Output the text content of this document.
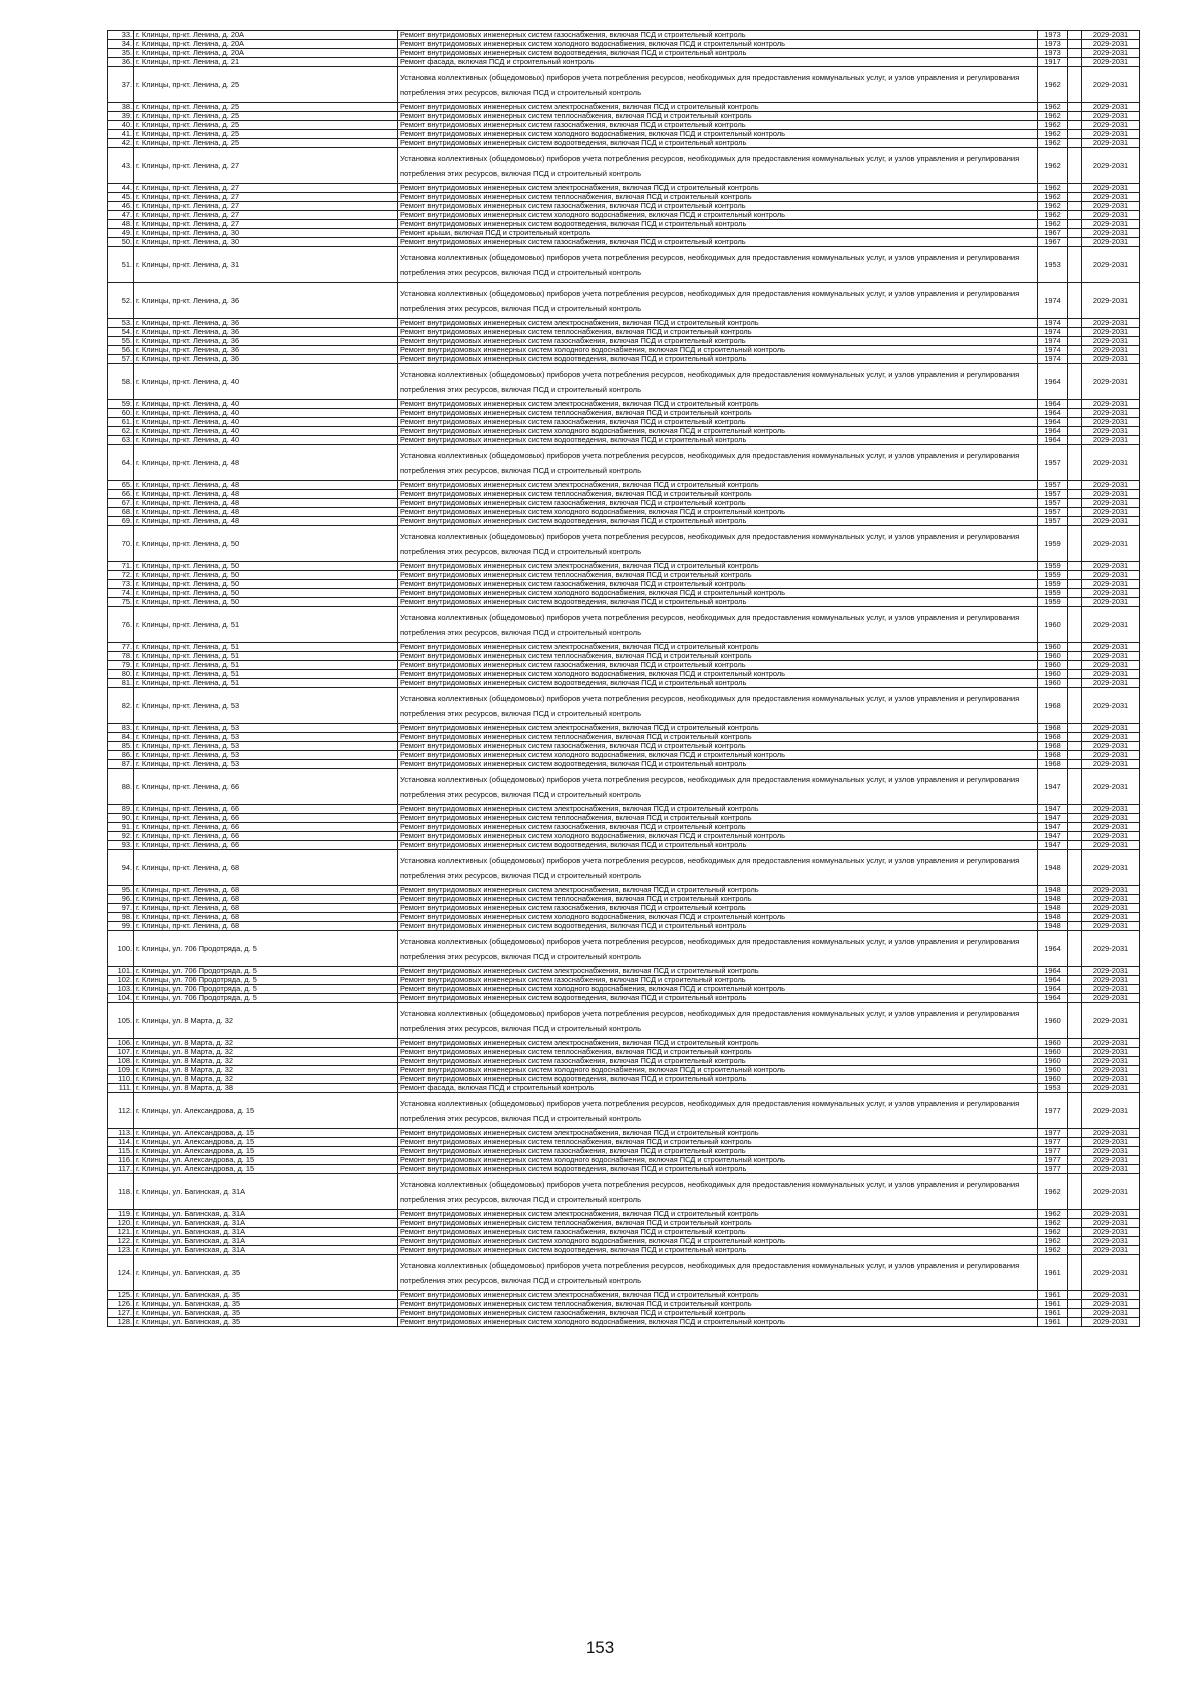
33.	г. Клинцы, пр-кт. Ленина, д. 20А	Ремонт внутридомовых инженерных систем газоснабжения, включая ПСД и строительный контроль	1973		2029-2031
34.	г. Клинцы, пр-кт. Ленина, д. 20А	Ремонт внутридомовых инженерных систем холодного водоснабжения, включая ПСД и строительный контроль	1973		2029-2031
35.	г. Клинцы, пр-кт. Ленина, д. 20А	Ремонт внутридомовых инженерных систем водоотведения, включая ПСД и строительный контроль	1973		2029-2031
36.	г. Клинцы, пр-кт. Ленина, д. 21	Ремонт фасада, включая ПСД и строительный контроль	1917		2029-2031
37.	г. Клинцы, пр-кт. Ленина, д. 25	Установка коллективных (общедомовых) приборов учета потребления ресурсов, необходимых для предоставления коммунальных услуг, и узлов управления и регулирования потребления этих ресурсов, включая ПСД и строительный контроль	1962		2029-2031
38.	г. Клинцы, пр-кт. Ленина, д. 25	Ремонт внутридомовых инженерных систем электроснабжения, включая ПСД и строительный контроль	1962		2029-2031
39.	г. Клинцы, пр-кт. Ленина, д. 25	Ремонт внутридомовых инженерных систем теплоснабжения, включая ПСД и строительный контроль	1962		2029-2031
40.	г. Клинцы, пр-кт. Ленина, д. 25	Ремонт внутридомовых инженерных систем газоснабжения, включая ПСД и строительный контроль	1962		2029-2031
41.	г. Клинцы, пр-кт. Ленина, д. 25	Ремонт внутридомовых инженерных систем холодного водоснабжения, включая ПСД и строительный контроль	1962		2029-2031
42.	г. Клинцы, пр-кт. Ленина, д. 25	Ремонт внутридомовых инженерных систем водоотведения, включая ПСД и строительный контроль	1962		2029-2031
43.	г. Клинцы, пр-кт. Ленина, д. 27	Установка коллективных (общедомовых) приборов учета потребления ресурсов, необходимых для предоставления коммунальных услуг, и узлов управления и регулирования потребления этих ресурсов, включая ПСД и строительный контроль	1962		2029-2031
44.	г. Клинцы, пр-кт. Ленина, д. 27	Ремонт внутридомовых инженерных систем электроснабжения, включая ПСД и строительный контроль	1962		2029-2031
45.	г. Клинцы, пр-кт. Ленина, д. 27	Ремонт внутридомовых инженерных систем теплоснабжения, включая ПСД и строительный контроль	1962		2029-2031
46.	г. Клинцы, пр-кт. Ленина, д. 27	Ремонт внутридомовых инженерных систем газоснабжения, включая ПСД и строительный контроль	1962		2029-2031
47.	г. Клинцы, пр-кт. Ленина, д. 27	Ремонт внутридомовых инженерных систем холодного водоснабжения, включая ПСД и строительный контроль	1962		2029-2031
48.	г. Клинцы, пр-кт. Ленина, д. 27	Ремонт внутридомовых инженерных систем водоотведения, включая ПСД и строительный контроль	1962		2029-2031
49.	г. Клинцы, пр-кт. Ленина, д. 30	Ремонт крыши, включая ПСД и строительный контроль	1967		2029-2031
50.	г. Клинцы, пр-кт. Ленина, д. 30	Ремонт внутридомовых инженерных систем газоснабжения, включая ПСД и строительный контроль	1967		2029-2031
51.	г. Клинцы, пр-кт. Ленина, д. 31	Установка коллективных (общедомовых) приборов учета потребления ресурсов, необходимых для предоставления коммунальных услуг, и узлов управления и регулирования потребления этих ресурсов, включая ПСД и строительный контроль	1953		2029-2031
52.	г. Клинцы, пр-кт. Ленина, д. 36	Установка коллективных (общедомовых) приборов учета потребления ресурсов, необходимых для предоставления коммунальных услуг, и узлов управления и регулирования потребления этих ресурсов, включая ПСД и строительный контроль	1974		2029-2031
53.	г. Клинцы, пр-кт. Ленина, д. 36	Ремонт внутридомовых инженерных систем электроснабжения, включая ПСД и строительный контроль	1974		2029-2031
54.	г. Клинцы, пр-кт. Ленина, д. 36	Ремонт внутридомовых инженерных систем теплоснабжения, включая ПСД и строительный контроль	1974		2029-2031
55.	г. Клинцы, пр-кт. Ленина, д. 36	Ремонт внутридомовых инженерных систем газоснабжения, включая ПСД и строительный контроль	1974		2029-2031
56.	г. Клинцы, пр-кт. Ленина, д. 36	Ремонт внутридомовых инженерных систем холодного водоснабжения, включая ПСД и строительный контроль	1974		2029-2031
57.	г. Клинцы, пр-кт. Ленина, д. 36	Ремонт внутридомовых инженерных систем водоотведения, включая ПСД и строительный контроль	1974		2029-2031
58.	г. Клинцы, пр-кт. Ленина, д. 40	Установка коллективных (общедомовых) приборов учета потребления ресурсов, необходимых для предоставления коммунальных услуг, и узлов управления и регулирования потребления этих ресурсов, включая ПСД и строительный контроль	1964		2029-2031
59.	г. Клинцы, пр-кт. Ленина, д. 40	Ремонт внутридомовых инженерных систем электроснабжения, включая ПСД и строительный контроль	1964		2029-2031
60.	г. Клинцы, пр-кт. Ленина, д. 40	Ремонт внутридомовых инженерных систем теплоснабжения, включая ПСД и строительный контроль	1964		2029-2031
61.	г. Клинцы, пр-кт. Ленина, д. 40	Ремонт внутридомовых инженерных систем газоснабжения, включая ПСД и строительный контроль	1964		2029-2031
62.	г. Клинцы, пр-кт. Ленина, д. 40	Ремонт внутридомовых инженерных систем холодного водоснабжения, включая ПСД и строительный контроль	1964		2029-2031
63.	г. Клинцы, пр-кт. Ленина, д. 40	Ремонт внутридомовых инженерных систем водоотведения, включая ПСД и строительный контроль	1964		2029-2031
64.	г. Клинцы, пр-кт. Ленина, д. 48	Установка коллективных (общедомовых) приборов учета потребления ресурсов, необходимых для предоставления коммунальных услуг, и узлов управления и регулирования потребления этих ресурсов, включая ПСД и строительный контроль	1957		2029-2031
65.	г. Клинцы, пр-кт. Ленина, д. 48	Ремонт внутридомовых инженерных систем электроснабжения, включая ПСД и строительный контроль	1957		2029-2031
66.	г. Клинцы, пр-кт. Ленина, д. 48	Ремонт внутридомовых инженерных систем теплоснабжения, включая ПСД и строительный контроль	1957		2029-2031
67.	г. Клинцы, пр-кт. Ленина, д. 48	Ремонт внутридомовых инженерных систем газоснабжения, включая ПСД и строительный контроль	1957		2029-2031
68.	г. Клинцы, пр-кт. Ленина, д. 48	Ремонт внутридомовых инженерных систем холодного водоснабжения, включая ПСД и строительный контроль	1957		2029-2031
69.	г. Клинцы, пр-кт. Ленина, д. 48	Ремонт внутридомовых инженерных систем водоотведения, включая ПСД и строительный контроль	1957		2029-2031
70.	г. Клинцы, пр-кт. Ленина, д. 50	Установка коллективных (общедомовых) приборов учета потребления ресурсов, необходимых для предоставления коммунальных услуг, и узлов управления и регулирования потребления этих ресурсов, включая ПСД и строительный контроль	1959		2029-2031
71.	г. Клинцы, пр-кт. Ленина, д. 50	Ремонт внутридомовых инженерных систем электроснабжения, включая ПСД и строительный контроль	1959		2029-2031
72.	г. Клинцы, пр-кт. Ленина, д. 50	Ремонт внутридомовых инженерных систем теплоснабжения, включая ПСД и строительный контроль	1959		2029-2031
73.	г. Клинцы, пр-кт. Ленина, д. 50	Ремонт внутридомовых инженерных систем газоснабжения, включая ПСД и строительный контроль	1959		2029-2031
74.	г. Клинцы, пр-кт. Ленина, д. 50	Ремонт внутридомовых инженерных систем холодного водоснабжения, включая ПСД и строительный контроль	1959		2029-2031
75.	г. Клинцы, пр-кт. Ленина, д. 50	Ремонт внутридомовых инженерных систем водоотведения, включая ПСД и строительный контроль	1959		2029-2031
76.	г. Клинцы, пр-кт. Ленина, д. 51	Установка коллективных (общедомовых) приборов учета потребления ресурсов, необходимых для предоставления коммунальных услуг, и узлов управления и регулирования потребления этих ресурсов, включая ПСД и строительный контроль	1960		2029-2031
77.	г. Клинцы, пр-кт. Ленина, д. 51	Ремонт внутридомовых инженерных систем электроснабжения, включая ПСД и строительный контроль	1960		2029-2031
78.	г. Клинцы, пр-кт. Ленина, д. 51	Ремонт внутридомовых инженерных систем теплоснабжения, включая ПСД и строительный контроль	1960		2029-2031
79.	г. Клинцы, пр-кт. Ленина, д. 51	Ремонт внутридомовых инженерных систем газоснабжения, включая ПСД и строительный контроль	1960		2029-2031
80.	г. Клинцы, пр-кт. Ленина, д. 51	Ремонт внутридомовых инженерных систем холодного водоснабжения, включая ПСД и строительный контроль	1960		2029-2031
81.	г. Клинцы, пр-кт. Ленина, д. 51	Ремонт внутридомовых инженерных систем водоотведения, включая ПСД и строительный контроль	1960		2029-2031
82.	г. Клинцы, пр-кт. Ленина, д. 53	Установка коллективных (общедомовых) приборов учета потребления ресурсов, необходимых для предоставления коммунальных услуг, и узлов управления и регулирования потребления этих ресурсов, включая ПСД и строительный контроль	1968		2029-2031
83.	г. Клинцы, пр-кт. Ленина, д. 53	Ремонт внутридомовых инженерных систем электроснабжения, включая ПСД и строительный контроль	1968		2029-2031
84.	г. Клинцы, пр-кт. Ленина, д. 53	Ремонт внутридомовых инженерных систем теплоснабжения, включая ПСД и строительный контроль	1968		2029-2031
85.	г. Клинцы, пр-кт. Ленина, д. 53	Ремонт внутридомовых инженерных систем газоснабжения, включая ПСД и строительный контроль	1968		2029-2031
86.	г. Клинцы, пр-кт. Ленина, д. 53	Ремонт внутридомовых инженерных систем холодного водоснабжения, включая ПСД и строительный контроль	1968		2029-2031
87.	г. Клинцы, пр-кт. Ленина, д. 53	Ремонт внутридомовых инженерных систем водоотведения, включая ПСД и строительный контроль	1968		2029-2031
88.	г. Клинцы, пр-кт. Ленина, д. 66	Установка коллективных (общедомовых) приборов учета потребления ресурсов, необходимых для предоставления коммунальных услуг, и узлов управления и регулирования потребления этих ресурсов, включая ПСД и строительный контроль	1947		2029-2031
89.	г. Клинцы, пр-кт. Ленина, д. 66	Ремонт внутридомовых инженерных систем электроснабжения, включая ПСД и строительный контроль	1947		2029-2031
90.	г. Клинцы, пр-кт. Ленина, д. 66	Ремонт внутридомовых инженерных систем теплоснабжения, включая ПСД и строительный контроль	1947		2029-2031
91.	г. Клинцы, пр-кт. Ленина, д. 66	Ремонт внутридомовых инженерных систем газоснабжения, включая ПСД и строительный контроль	1947		2029-2031
92.	г. Клинцы, пр-кт. Ленина, д. 66	Ремонт внутридомовых инженерных систем холодного водоснабжения, включая ПСД и строительный контроль	1947		2029-2031
93.	г. Клинцы, пр-кт. Ленина, д. 66	Ремонт внутридомовых инженерных систем водоотведения, включая ПСД и строительный контроль	1947		2029-2031
94.	г. Клинцы, пр-кт. Ленина, д. 68	Установка коллективных (общедомовых) приборов учета потребления ресурсов, необходимых для предоставления коммунальных услуг, и узлов управления и регулирования потребления этих ресурсов, включая ПСД и строительный контроль	1948		2029-2031
95.	г. Клинцы, пр-кт. Ленина, д. 68	Ремонт внутридомовых инженерных систем электроснабжения, включая ПСД и строительный контроль	1948		2029-2031
96.	г. Клинцы, пр-кт. Ленина, д. 68	Ремонт внутридомовых инженерных систем теплоснабжения, включая ПСД и строительный контроль	1948		2029-2031
97.	г. Клинцы, пр-кт. Ленина, д. 68	Ремонт внутридомовых инженерных систем газоснабжения, включая ПСД и строительный контроль	1948		2029-2031
98.	г. Клинцы, пр-кт. Ленина, д. 68	Ремонт внутридомовых инженерных систем холодного водоснабжения, включая ПСД и строительный контроль	1948		2029-2031
99.	г. Клинцы, пр-кт. Ленина, д. 68	Ремонт внутридомовых инженерных систем водоотведения, включая ПСД и строительный контроль	1948		2029-2031
100.	г. Клинцы, ул. 706 Продотряда, д. 5	Установка коллективных (общедомовых) приборов учета потребления ресурсов, необходимых для предоставления коммунальных услуг, и узлов управления и регулирования потребления этих ресурсов, включая ПСД и строительный контроль	1964		2029-2031
101.	г. Клинцы, ул. 706 Продотряда, д. 5	Ремонт внутридомовых инженерных систем электроснабжения, включая ПСД и строительный контроль	1964		2029-2031
102.	г. Клинцы, ул. 706 Продотряда, д. 5	Ремонт внутридомовых инженерных систем газоснабжения, включая ПСД и строительный контроль	1964		2029-2031
103.	г. Клинцы, ул. 706 Продотряда, д. 5	Ремонт внутридомовых инженерных систем холодного водоснабжения, включая ПСД и строительный контроль	1964		2029-2031
104.	г. Клинцы, ул. 706 Продотряда, д. 5	Ремонт внутридомовых инженерных систем водоотведения, включая ПСД и строительный контроль	1964		2029-2031
105.	г. Клинцы, ул. 8 Марта, д. 32	Установка коллективных (общедомовых) приборов учета потребления ресурсов, необходимых для предоставления коммунальных услуг, и узлов управления и регулирования потребления этих ресурсов, включая ПСД и строительный контроль	1960		2029-2031
106.	г. Клинцы, ул. 8 Марта, д. 32	Ремонт внутридомовых инженерных систем электроснабжения, включая ПСД и строительный контроль	1960		2029-2031
107.	г. Клинцы, ул. 8 Марта, д. 32	Ремонт внутридомовых инженерных систем теплоснабжения, включая ПСД и строительный контроль	1960		2029-2031
108.	г. Клинцы, ул. 8 Марта, д. 32	Ремонт внутридомовых инженерных систем газоснабжения, включая ПСД и строительный контроль	1960		2029-2031
109.	г. Клинцы, ул. 8 Марта, д. 32	Ремонт внутридомовых инженерных систем холодного водоснабжения, включая ПСД и строительный контроль	1960		2029-2031
110.	г. Клинцы, ул. 8 Марта, д. 32	Ремонт внутридомовых инженерных систем водоотведения, включая ПСД и строительный контроль	1960		2029-2031
111.	г. Клинцы, ул. 8 Марта, д. 38	Ремонт фасада, включая ПСД и строительный контроль	1953		2029-2031
112.	г. Клинцы, ул. Александрова, д. 15	Установка коллективных (общедомовых) приборов учета потребления ресурсов, необходимых для предоставления коммунальных услуг, и узлов управления и регулирования потребления этих ресурсов, включая ПСД и строительный контроль	1977		2029-2031
113.	г. Клинцы, ул. Александрова, д. 15	Ремонт внутридомовых инженерных систем электроснабжения, включая ПСД и строительный контроль	1977		2029-2031
114.	г. Клинцы, ул. Александрова, д. 15	Ремонт внутридомовых инженерных систем теплоснабжения, включая ПСД и строительный контроль	1977		2029-2031
115.	г. Клинцы, ул. Александрова, д. 15	Ремонт внутридомовых инженерных систем газоснабжения, включая ПСД и строительный контроль	1977		2029-2031
116.	г. Клинцы, ул. Александрова, д. 15	Ремонт внутридомовых инженерных систем холодного водоснабжения, включая ПСД и строительный контроль	1977		2029-2031
117.	г. Клинцы, ул. Александрова, д. 15	Ремонт внутридомовых инженерных систем водоотведения, включая ПСД и строительный контроль	1977		2029-2031
118.	г. Клинцы, ул. Багинская, д. 31А	Установка коллективных (общедомовых) приборов учета потребления ресурсов, необходимых для предоставления коммунальных услуг, и узлов управления и регулирования потребления этих ресурсов, включая ПСД и строительный контроль	1962		2029-2031
119.	г. Клинцы, ул. Багинская, д. 31А	Ремонт внутридомовых инженерных систем электроснабжения, включая ПСД и строительный контроль	1962		2029-2031
120.	г. Клинцы, ул. Багинская, д. 31А	Ремонт внутридомовых инженерных систем теплоснабжения, включая ПСД и строительный контроль	1962		2029-2031
121.	г. Клинцы, ул. Багинская, д. 31А	Ремонт внутридомовых инженерных систем газоснабжения, включая ПСД и строительный контроль	1962		2029-2031
122.	г. Клинцы, ул. Багинская, д. 31А	Ремонт внутридомовых инженерных систем холодного водоснабжения, включая ПСД и строительный контроль	1962		2029-2031
123.	г. Клинцы, ул. Багинская, д. 31А	Ремонт внутридомовых инженерных систем водоотведения, включая ПСД и строительный контроль	1962		2029-2031
124.	г. Клинцы, ул. Багинская, д. 35	Установка коллективных (общедомовых) приборов учета потребления ресурсов, необходимых для предоставления коммунальных услуг, и узлов управления и регулирования потребления этих ресурсов, включая ПСД и строительный контроль	1961		2029-2031
125.	г. Клинцы, ул. Багинская, д. 35	Ремонт внутридомовых инженерных систем электроснабжения, включая ПСД и строительный контроль	1961		2029-2031
126.	г. Клинцы, ул. Багинская, д. 35	Ремонт внутридомовых инженерных систем теплоснабжения, включая ПСД и строительный контроль	1961		2029-2031
127.	г. Клинцы, ул. Багинская, д. 35	Ремонт внутридомовых инженерных систем газоснабжения, включая ПСД и строительный контроль	1961		2029-2031
128.	г. Клинцы, ул. Багинская, д. 35	Ремонт внутридомовых инженерных систем холодного водоснабжения, включая ПСД и строительный контроль	1961		2029-2031
153
